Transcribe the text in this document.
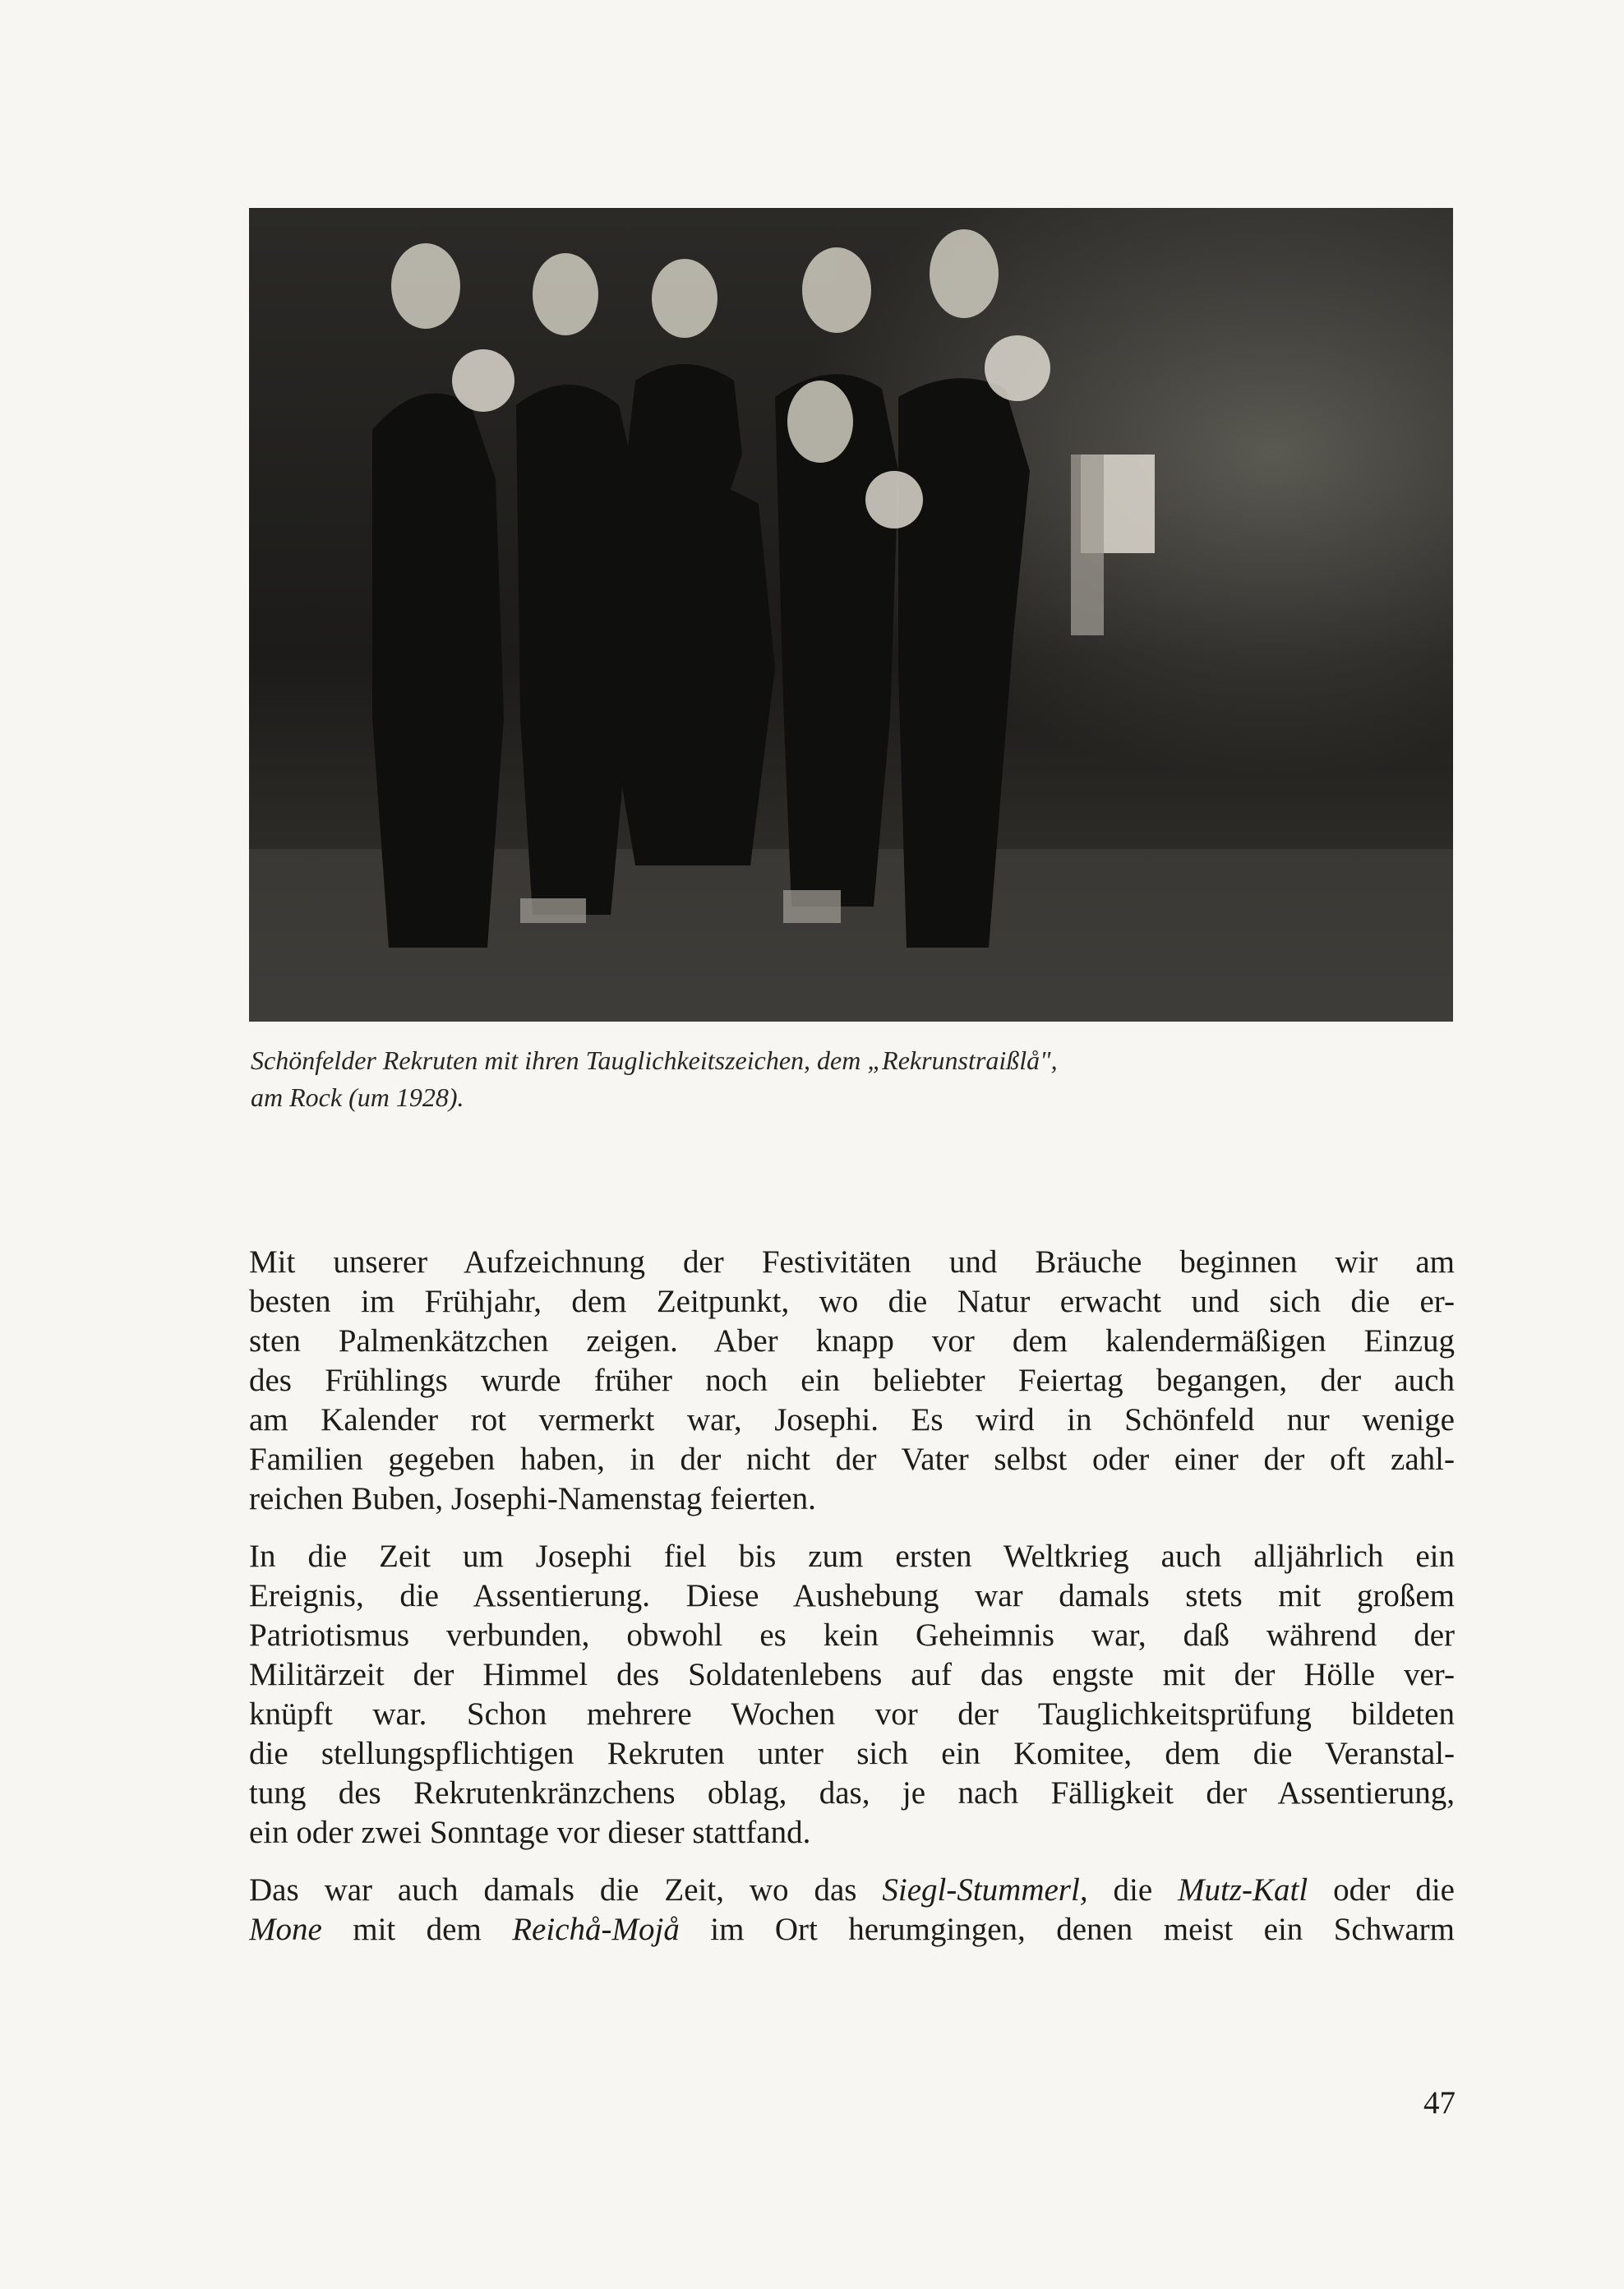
Schönfelder Rekruten mit ihren Tauglichkeitszeichen, dem „Rekrunstraißlå",
am Rock (um 1928).
Mit unserer Aufzeichnung der Festivitäten und Bräuche beginnen wir am
besten im Frühjahr, dem Zeitpunkt, wo die Natur erwacht und sich die er-
sten Palmenkätzchen zeigen. Aber knapp vor dem kalendermäßigen Einzug
des Frühlings wurde früher noch ein beliebter Feiertag begangen, der auch
am Kalender rot vermerkt war, Josephi. Es wird in Schönfeld nur wenige
Familien gegeben haben, in der nicht der Vater selbst oder einer der oft zahl-
reichen Buben, Josephi-Namenstag feierten.
In die Zeit um Josephi fiel bis zum ersten Weltkrieg auch alljährlich ein
Ereignis, die Assentierung. Diese Aushebung war damals stets mit großem
Patriotismus verbunden, obwohl es kein Geheimnis war, daß während der
Militärzeit der Himmel des Soldatenlebens auf das engste mit der Hölle ver-
knüpft war. Schon mehrere Wochen vor der Tauglichkeitsprüfung bildeten
die stellungspflichtigen Rekruten unter sich ein Komitee, dem die Veranstal-
tung des Rekrutenkränzchens oblag, das, je nach Fälligkeit der Assentierung,
ein oder zwei Sonntage vor dieser stattfand.
Das war auch damals die Zeit, wo das Siegl-Stummerl, die Mutz-Katl oder die
Mone mit dem Reichå-Mojå im Ort herumgingen, denen meist ein Schwarm
47
